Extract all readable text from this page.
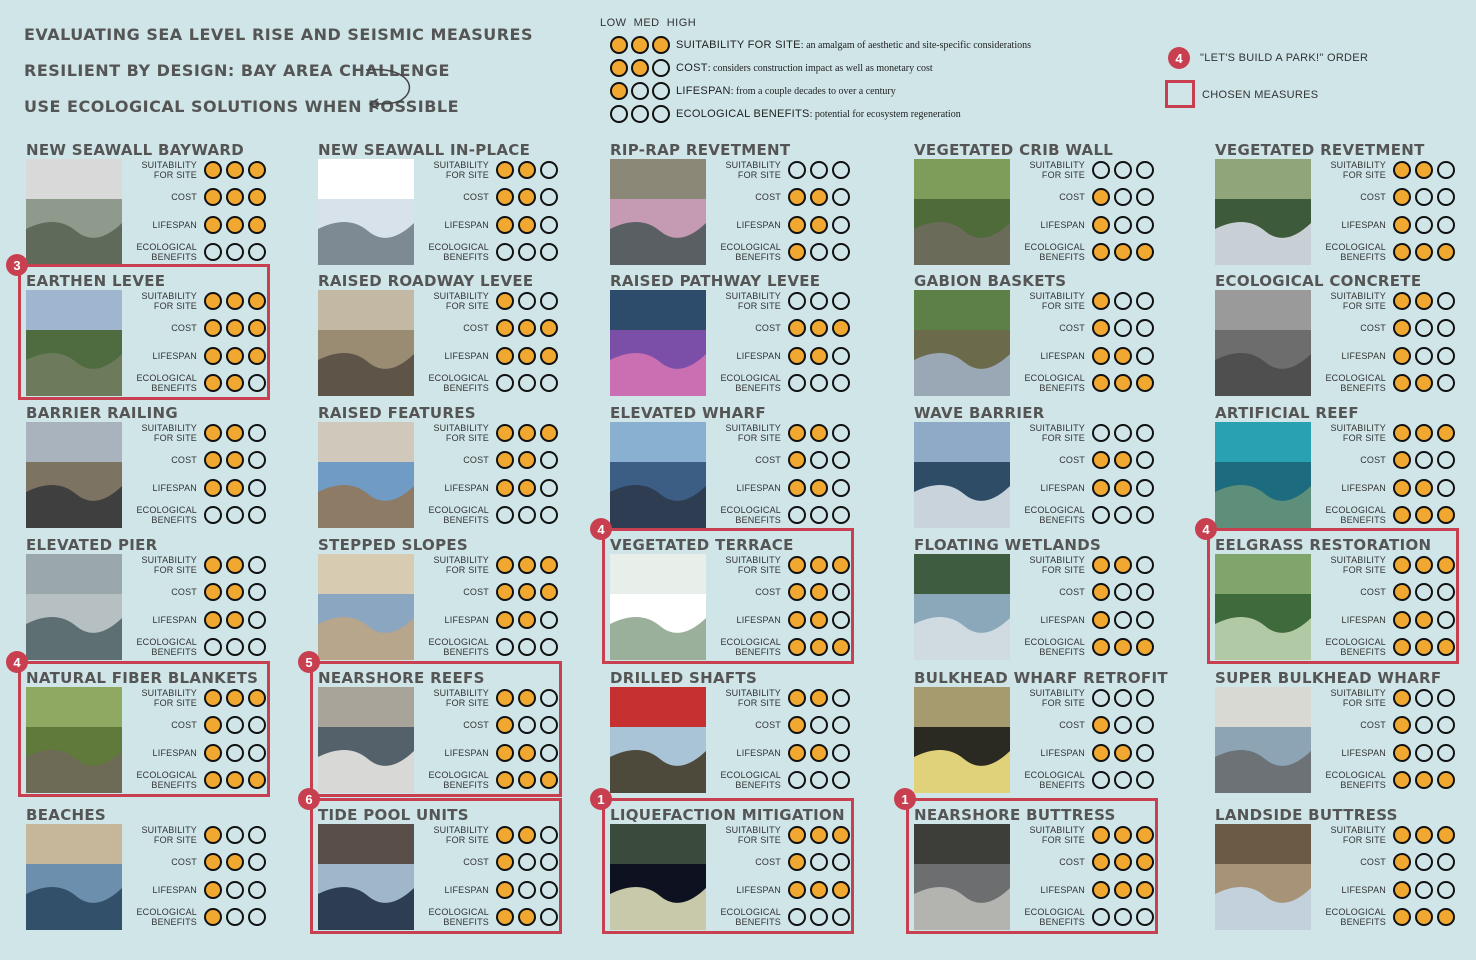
EVALUATING SEA LEVEL RISE AND SEISMIC MEASURES
RESILIENT BY DESIGN: BAY AREA CHALLENGE
USE ECOLOGICAL SOLUTIONS WHEN POSSIBLE
LOW  MED  HIGH
SUITABILITY FOR SITE: an amalgam of aesthetic and site-specific considerations
COST: considers construction impact as well as monetary cost
LIFESPAN: from a couple decades to over a century
ECOLOGICAL BENEFITS: potential for ecosystem regeneration
4	"LET'S BUILD A PARK!" ORDER
CHOSEN MEASURES
NEW SEAWALL BAYWARD
SUITABILITY
FOR SITE
COST
LIFESPAN
ECOLOGICAL
BENEFITS
EARTHEN LEVEE
SUITABILITY
FOR SITE
COST
LIFESPAN
ECOLOGICAL
BENEFITS
3
BARRIER RAILING
SUITABILITY
FOR SITE
COST
LIFESPAN
ECOLOGICAL
BENEFITS
ELEVATED PIER
SUITABILITY
FOR SITE
COST
LIFESPAN
ECOLOGICAL
BENEFITS
NATURAL FIBER BLANKETS
SUITABILITY
FOR SITE
COST
LIFESPAN
ECOLOGICAL
BENEFITS
4
BEACHES
SUITABILITY
FOR SITE
COST
LIFESPAN
ECOLOGICAL
BENEFITS
NEW SEAWALL IN-PLACE
SUITABILITY
FOR SITE
COST
LIFESPAN
ECOLOGICAL
BENEFITS
RAISED ROADWAY LEVEE
SUITABILITY
FOR SITE
COST
LIFESPAN
ECOLOGICAL
BENEFITS
RAISED FEATURES
SUITABILITY
FOR SITE
COST
LIFESPAN
ECOLOGICAL
BENEFITS
STEPPED SLOPES
SUITABILITY
FOR SITE
COST
LIFESPAN
ECOLOGICAL
BENEFITS
NEARSHORE REEFS
SUITABILITY
FOR SITE
COST
LIFESPAN
ECOLOGICAL
BENEFITS
5
TIDE POOL UNITS
SUITABILITY
FOR SITE
COST
LIFESPAN
ECOLOGICAL
BENEFITS
6
RIP-RAP REVETMENT
SUITABILITY
FOR SITE
COST
LIFESPAN
ECOLOGICAL
BENEFITS
RAISED PATHWAY LEVEE
SUITABILITY
FOR SITE
COST
LIFESPAN
ECOLOGICAL
BENEFITS
ELEVATED WHARF
SUITABILITY
FOR SITE
COST
LIFESPAN
ECOLOGICAL
BENEFITS
VEGETATED TERRACE
SUITABILITY
FOR SITE
COST
LIFESPAN
ECOLOGICAL
BENEFITS
4
DRILLED SHAFTS
SUITABILITY
FOR SITE
COST
LIFESPAN
ECOLOGICAL
BENEFITS
LIQUEFACTION MITIGATION
SUITABILITY
FOR SITE
COST
LIFESPAN
ECOLOGICAL
BENEFITS
1
VEGETATED CRIB WALL
SUITABILITY
FOR SITE
COST
LIFESPAN
ECOLOGICAL
BENEFITS
GABION BASKETS
SUITABILITY
FOR SITE
COST
LIFESPAN
ECOLOGICAL
BENEFITS
WAVE BARRIER
SUITABILITY
FOR SITE
COST
LIFESPAN
ECOLOGICAL
BENEFITS
FLOATING WETLANDS
SUITABILITY
FOR SITE
COST
LIFESPAN
ECOLOGICAL
BENEFITS
BULKHEAD WHARF RETROFIT
SUITABILITY
FOR SITE
COST
LIFESPAN
ECOLOGICAL
BENEFITS
NEARSHORE BUTTRESS
SUITABILITY
FOR SITE
COST
LIFESPAN
ECOLOGICAL
BENEFITS
1
VEGETATED REVETMENT
SUITABILITY
FOR SITE
COST
LIFESPAN
ECOLOGICAL
BENEFITS
ECOLOGICAL CONCRETE
SUITABILITY
FOR SITE
COST
LIFESPAN
ECOLOGICAL
BENEFITS
ARTIFICIAL REEF
SUITABILITY
FOR SITE
COST
LIFESPAN
ECOLOGICAL
BENEFITS
EELGRASS RESTORATION
SUITABILITY
FOR SITE
COST
LIFESPAN
ECOLOGICAL
BENEFITS
4
SUPER BULKHEAD WHARF
SUITABILITY
FOR SITE
COST
LIFESPAN
ECOLOGICAL
BENEFITS
LANDSIDE BUTTRESS
SUITABILITY
FOR SITE
COST
LIFESPAN
ECOLOGICAL
BENEFITS
